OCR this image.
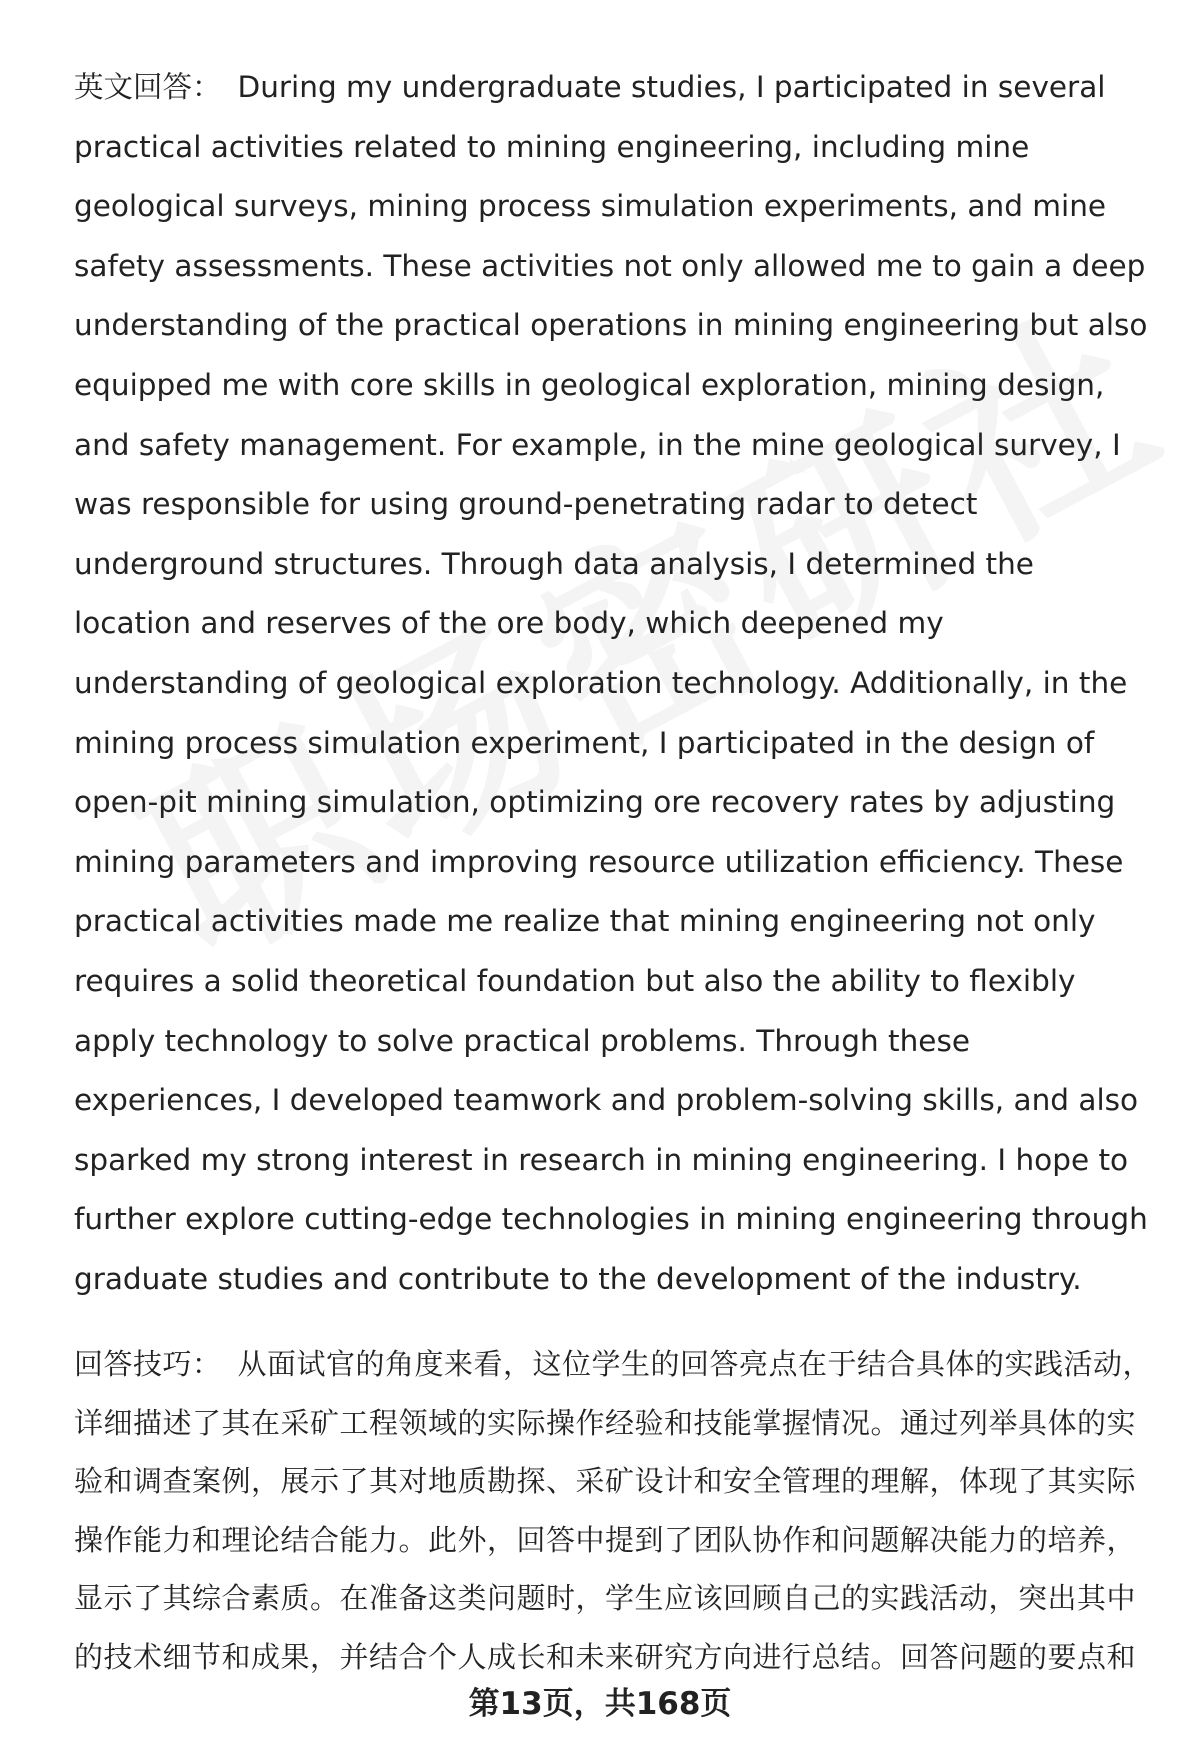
英文回答： During my undergraduate studies, I participated in several practical activities related to mining engineering, including mine geological surveys, mining process simulation experiments, and mine safety assessments. These activities not only allowed me to gain a deep understanding of the practical operations in mining engineering but also equipped me with core skills in geological exploration, mining design, and safety management. For example, in the mine geological survey, I was responsible for using ground-penetrating radar to detect underground structures. Through data analysis, I determined the location and reserves of the ore body, which deepened my understanding of geological exploration technology. Additionally, in the mining process simulation experiment, I participated in the design of open-pit mining simulation, optimizing ore recovery rates by adjusting mining parameters and improving resource utilization efficiency. These practical activities made me realize that mining engineering not only requires a solid theoretical foundation but also the ability to flexibly apply technology to solve practical problems. Through these experiences, I developed teamwork and problem-solving skills, and also sparked my strong interest in research in mining engineering. I hope to further explore cutting-edge technologies in mining engineering through graduate studies and contribute to the development of the industry.

回答技巧： 从面试官的角度来看，这位学生的回答亮点在于结合具体的实践活动，详细描述了其在采矿工程领域的实际操作经验和技能掌握情况。通过列举具体的实验和调查案例，展示了其对地质勘探、采矿设计和安全管理的理解，体现了其实际操作能力和理论结合能力。此外，回答中提到了团队协作和问题解决能力的培养，显示了其综合素质。在准备这类问题时，学生应该回顾自己的实践活动，突出其中的技术细节和成果，并结合个人成长和未来研究方向进行总结。回答问题的要点和

第13页，共168页
